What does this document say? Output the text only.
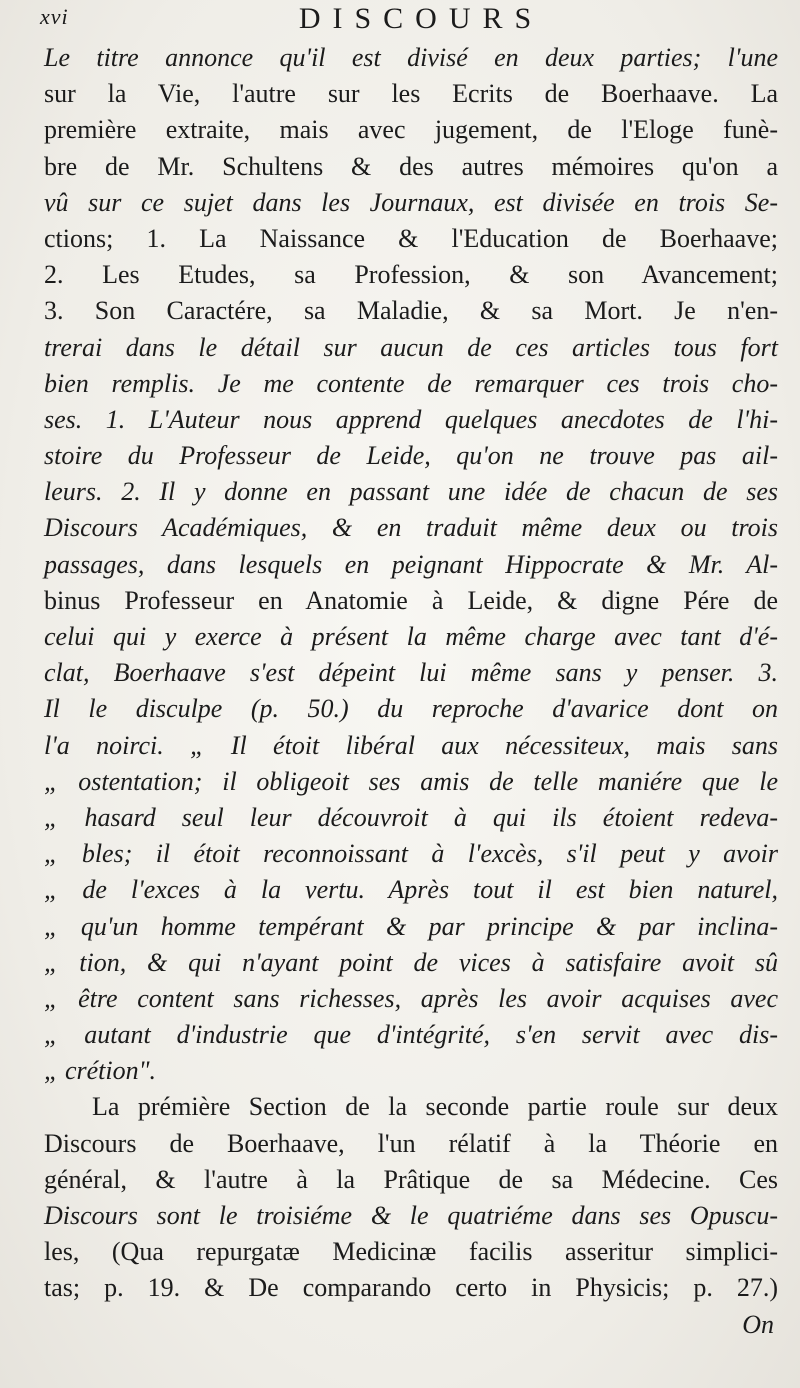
xvi	DISCOURS
Le titre annonce qu'il est divisé en deux parties; l'une
sur la Vie, l'autre sur les Ecrits de Boerhaave. La
première extraite, mais avec jugement, de l'Eloge funè-
bre de Mr. Schultens & des autres mémoires qu'on a
vû sur ce sujet dans les Journaux, est divisée en trois Se-
ctions; 1. La Naissance & l'Education de Boerhaave;
2. Les Etudes, sa Profession, & son Avancement;
3. Son Caractére, sa Maladie, & sa Mort. Je n'en-
trerai dans le détail sur aucun de ces articles tous fort
bien remplis. Je me contente de remarquer ces trois cho-
ses. 1. L'Auteur nous apprend quelques anecdotes de l'hi-
stoire du Professeur de Leide, qu'on ne trouve pas ail-
leurs. 2. Il y donne en passant une idée de chacun de ses
Discours Académiques, & en traduit même deux ou trois
passages, dans lesquels en peignant Hippocrate & Mr. Al-
binus Professeur en Anatomie à Leide, & digne Pére de
celui qui y exerce à présent la même charge avec tant d'é-
clat, Boerhaave s'est dépeint lui même sans y penser. 3.
Il le disculpe (p. 50.) du reproche d'avarice dont on
l'a noirci. „ Il étoit libéral aux nécessiteux, mais sans
„ ostentation; il obligeoit ses amis de telle maniére que le
„ hasard seul leur découvroit à qui ils étoient redeva-
„ bles; il étoit reconnoissant à l'excès, s'il peut y avoir
„ de l'exces à la vertu. Après tout il est bien naturel,
„ qu'un homme tempérant & par principe & par inclina-
„ tion, & qui n'ayant point de vices à satisfaire avoit sû
„ être content sans richesses, après les avoir acquises avec
„ autant d'industrie que d'intégrité, s'en servit avec dis-
„ crétion".
La prémière Section de la seconde partie roule sur deux
Discours de Boerhaave, l'un rélatif à la Théorie en
général, & l'autre à la Prâtique de sa Médecine. Ces
Discours sont le troisiéme & le quatriéme dans ses Opuscu-
les, (Qua repurgatæ Medicinæ facilis asseritur simplici-
tas; p. 19. & De comparando certo in Physicis; p. 27.)
On
